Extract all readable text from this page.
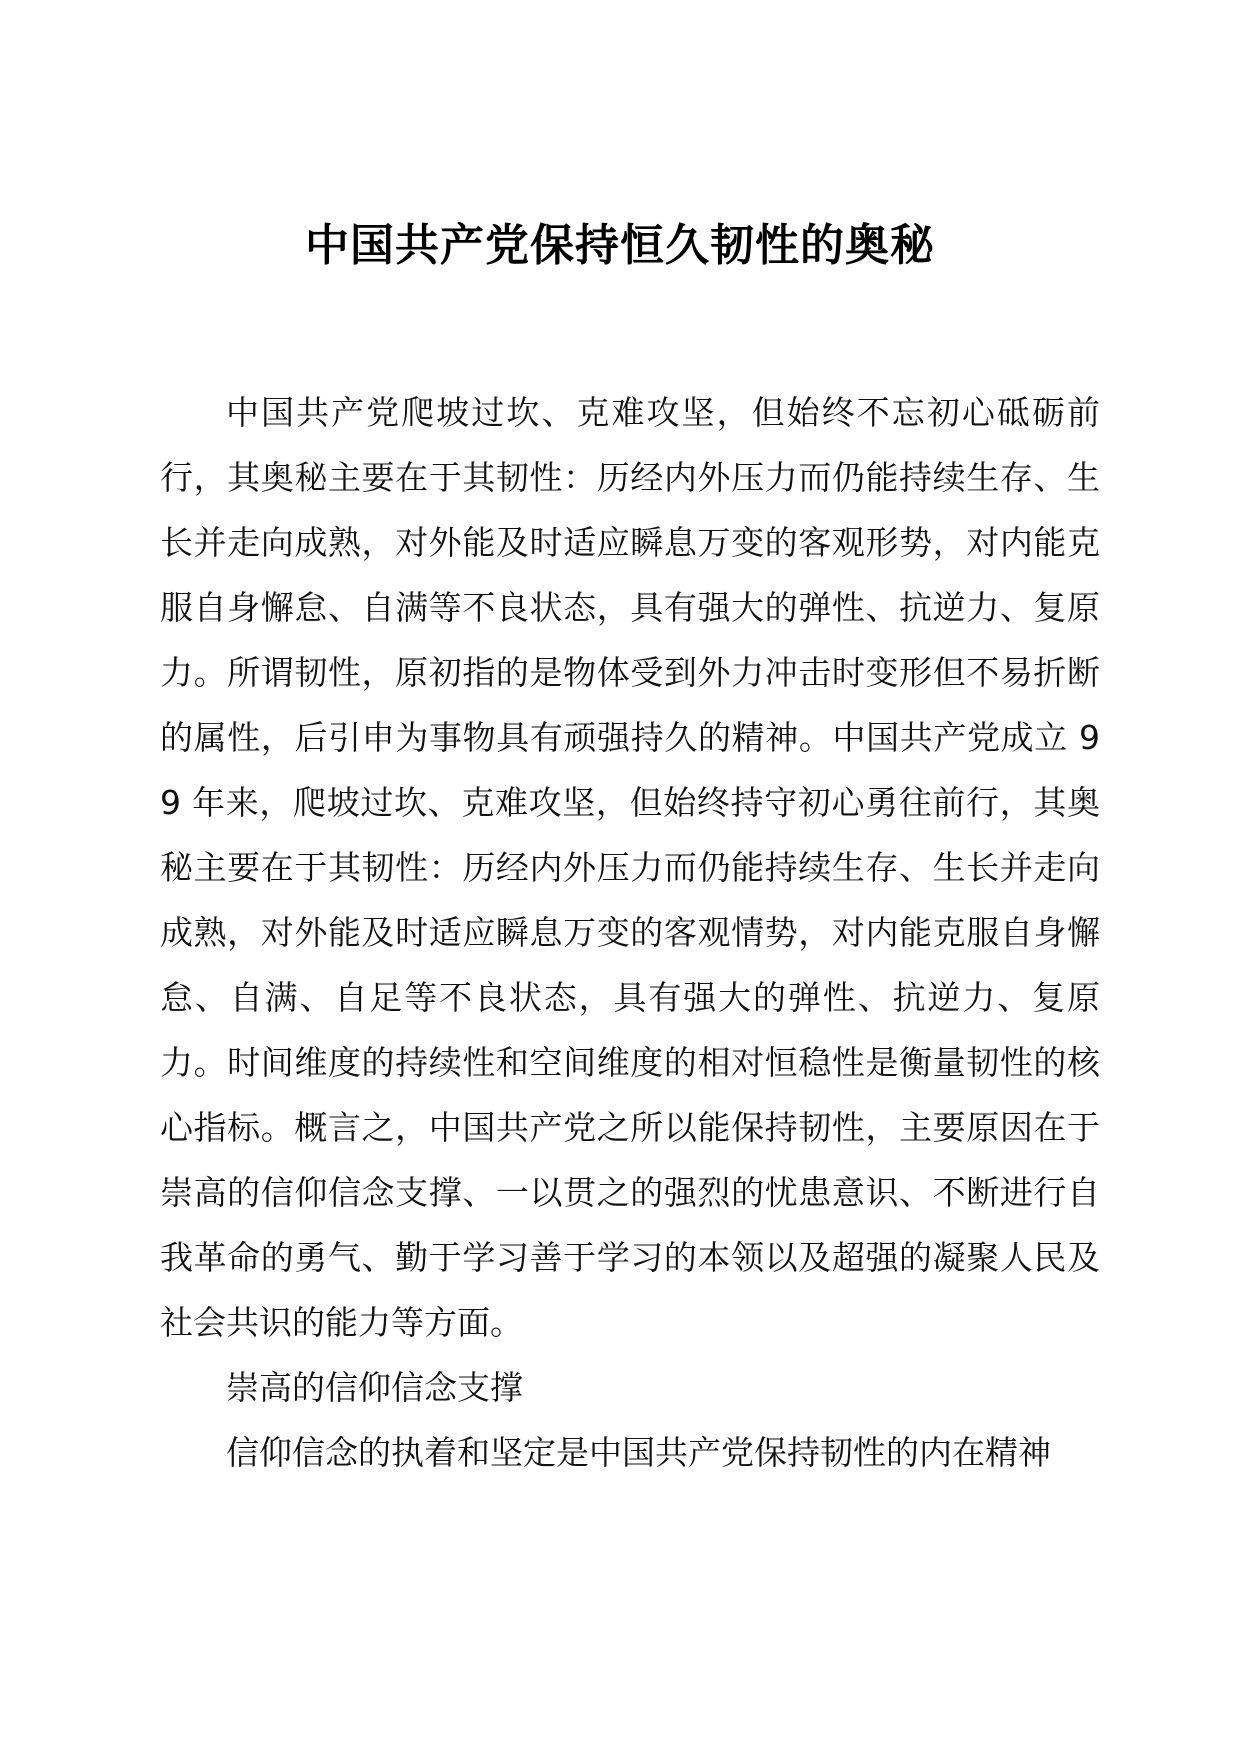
中国共产党保持恒久韧性的奥秘

中国共产党爬坡过坎、克难攻坚，但始终不忘初心砥砺前行，其奥秘主要在于其韧性：历经内外压力而仍能持续生存、生长并走向成熟，对外能及时适应瞬息万变的客观形势，对内能克服自身懈怠、自满等不良状态，具有强大的弹性、抗逆力、复原力。所谓韧性，原初指的是物体受到外力冲击时变形但不易折断的属性，后引申为事物具有顽强持久的精神。中国共产党成立 99 年来，爬坡过坎、克难攻坚，但始终持守初心勇往前行，其奥秘主要在于其韧性：历经内外压力而仍能持续生存、生长并走向成熟，对外能及时适应瞬息万变的客观情势，对内能克服自身懈怠、自满、自足等不良状态，具有强大的弹性、抗逆力、复原力。时间维度的持续性和空间维度的相对恒稳性是衡量韧性的核心指标。概言之，中国共产党之所以能保持韧性，主要原因在于崇高的信仰信念支撑、一以贯之的强烈的忧患意识、不断进行自我革命的勇气、勤于学习善于学习的本领以及超强的凝聚人民及社会共识的能力等方面。

崇高的信仰信念支撑

信仰信念的执着和坚定是中国共产党保持韧性的内在精神
